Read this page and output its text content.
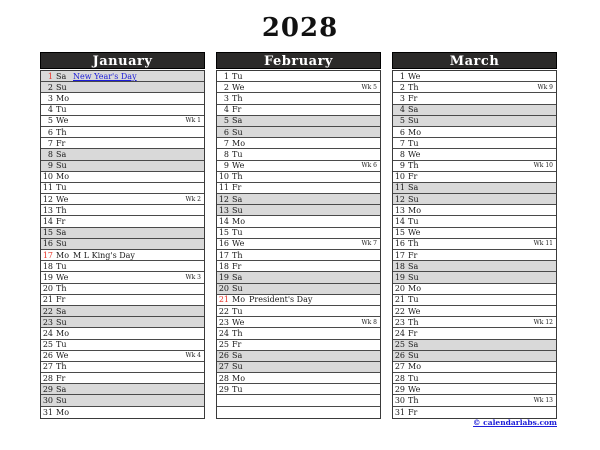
2028
January
1 Sa New Year's Day
2 Su
3 Mo
4 Tu
5 We	Wk 1
6 Th
7 Fr
8 Sa
9 Su
10 Mo
11 Tu
12 We	Wk 2
13 Th
14 Fr
15 Sa
16 Su
17 Mo M L King's Day
18 Tu
19 We	Wk 3
20 Th
21 Fr
22 Sa
23 Su
24 Mo
25 Tu
26 We	Wk 4
27 Th
28 Fr
29 Sa
30 Su
31 Mo
February
1 Tu
2 We	Wk 5
3 Th
4 Fr
5 Sa
6 Su
7 Mo
8 Tu
9 We	Wk 6
10 Th
11 Fr
12 Sa
13 Su
14 Mo
15 Tu
16 We	Wk 7
17 Th
18 Fr
19 Sa
20 Su
21 Mo President's Day
22 Tu
23 We	Wk 8
24 Th
25 Fr
26 Sa
27 Su
28 Mo
29 Tu
March
1 We
2 Th	Wk 9
3 Fr
4 Sa
5 Su
6 Mo
7 Tu
8 We
9 Th	Wk 10
10 Fr
11 Sa
12 Su
13 Mo
14 Tu
15 We
16 Th	Wk 11
17 Fr
18 Sa
19 Su
20 Mo
21 Tu
22 We
23 Th	Wk 12
24 Fr
25 Sa
26 Su
27 Mo
28 Tu
29 We
30 Th	Wk 13
31 Fr
© calendarlabs.com
